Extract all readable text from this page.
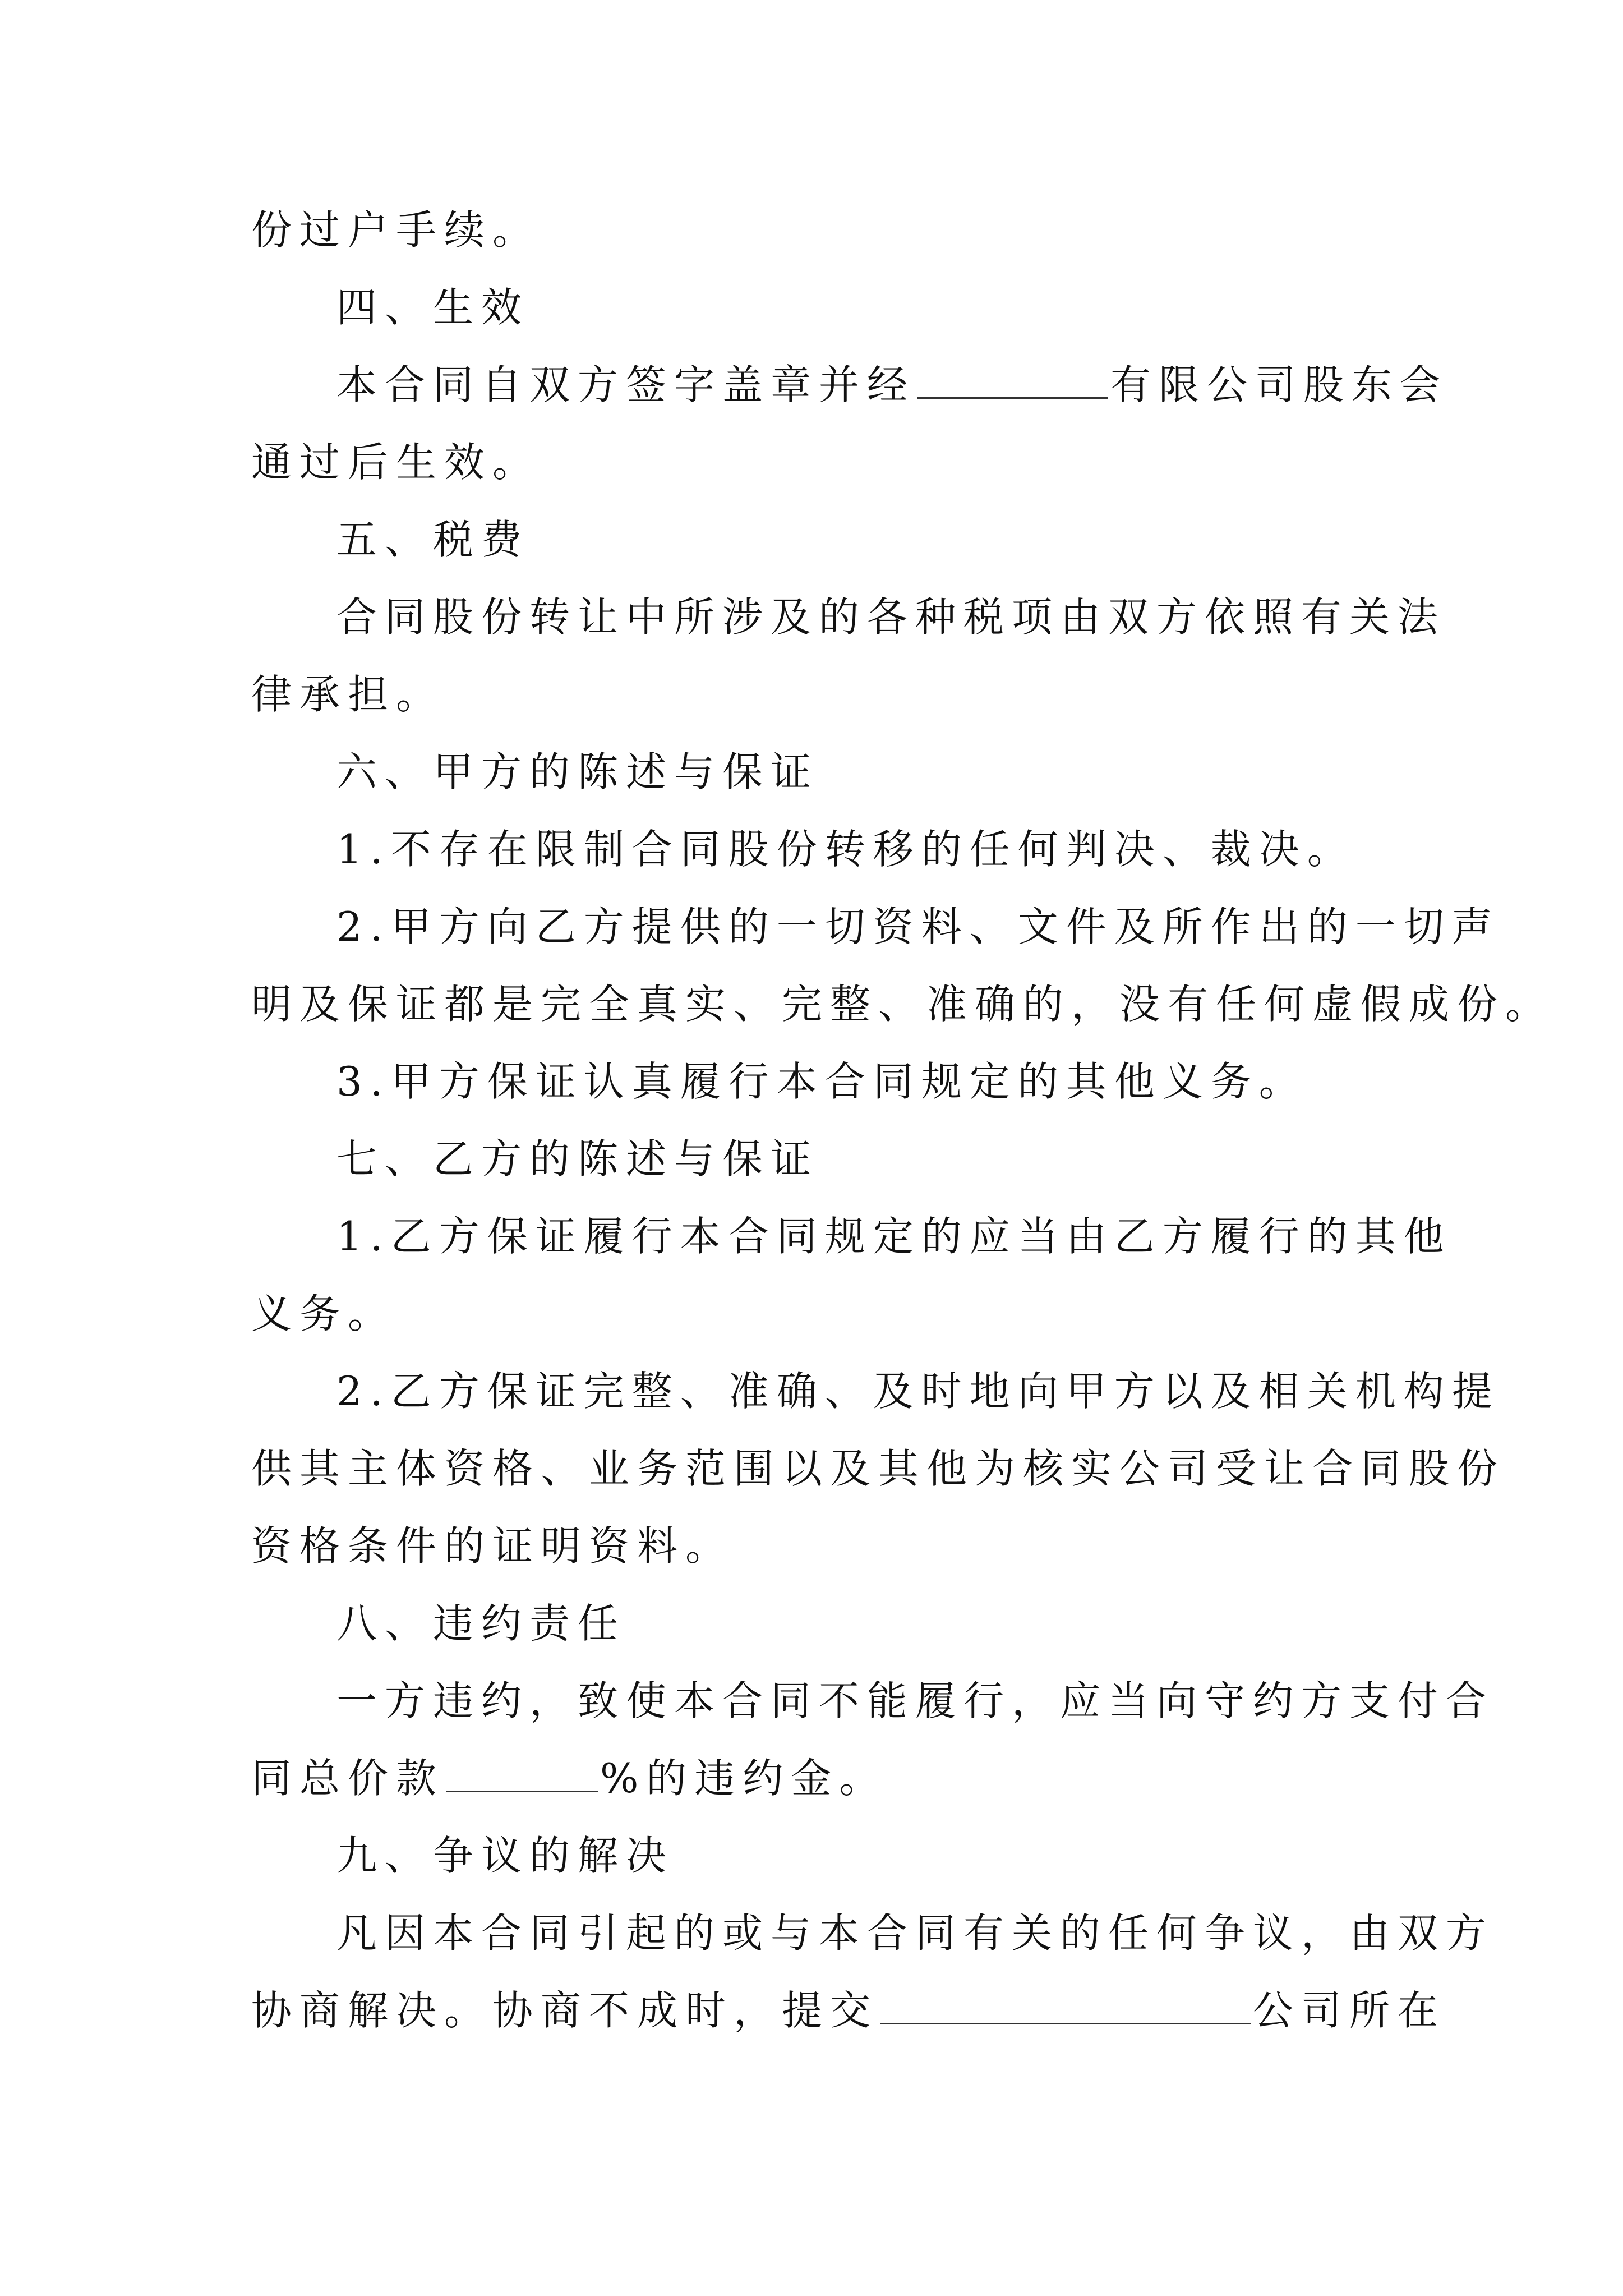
份过户手续。
四、生效
本合同自双方签字盖章并经	有限公司股东会
通过后生效。
五、税费
合同股份转让中所涉及的各种税项由双方依照有关法
律承担。
六、甲方的陈述与保证
1.不存在限制合同股份转移的任何判决、裁决。
2.甲方向乙方提供的一切资料、文件及所作出的一切声
明及保证都是完全真实、完整、准确的，没有任何虚假成份。
3.甲方保证认真履行本合同规定的其他义务。
七、乙方的陈述与保证
1.乙方保证履行本合同规定的应当由乙方履行的其他
义务。
2.乙方保证完整、准确、及时地向甲方以及相关机构提
供其主体资格、业务范围以及其他为核实公司受让合同股份
资格条件的证明资料。
八、违约责任
一方违约，致使本合同不能履行，应当向守约方支付合
同总价款	%的违约金。
九、争议的解决
凡因本合同引起的或与本合同有关的任何争议，由双方
协商解决。协商不成时，提交	公司所在
